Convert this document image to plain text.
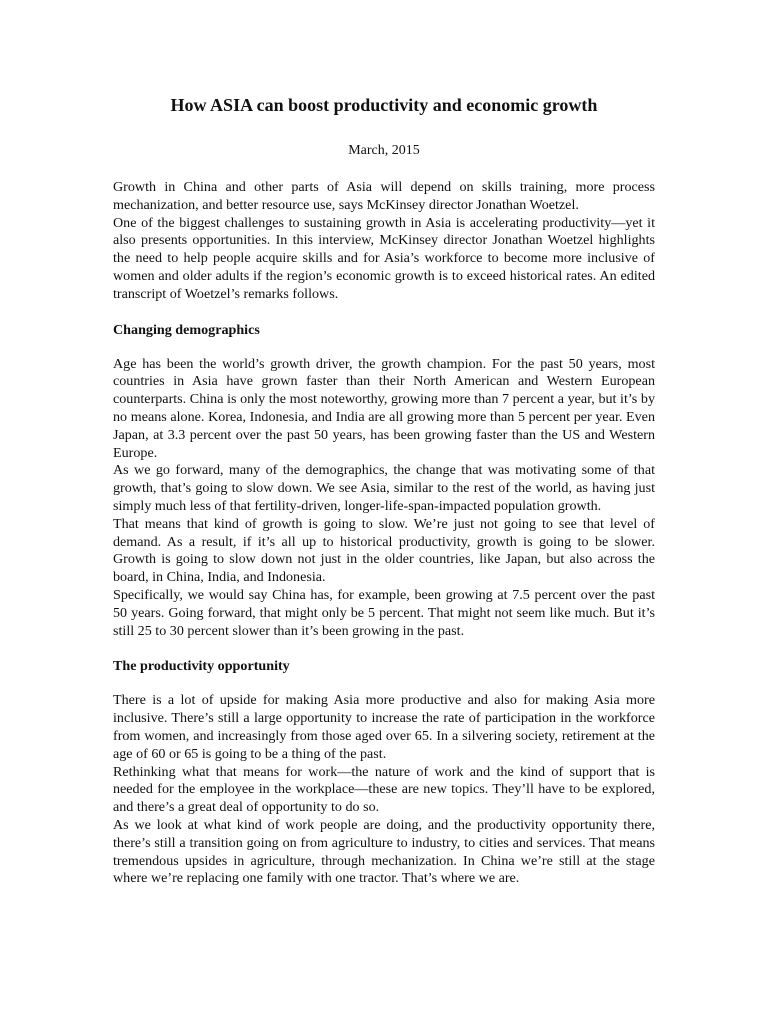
How ASIA can boost productivity and economic growth

March, 2015

Growth in China and other parts of Asia will depend on skills training, more process mechanization, and better resource use, says McKinsey director Jonathan Woetzel.

One of the biggest challenges to sustaining growth in Asia is accelerating productivity—yet it also presents opportunities. In this interview, McKinsey director Jonathan Woetzel highlights the need to help people acquire skills and for Asia’s workforce to become more inclusive of women and older adults if the region’s economic growth is to exceed historical rates. An edited transcript of Woetzel’s remarks follows.

Changing demographics

Age has been the world’s growth driver, the growth champion. For the past 50 years, most countries in Asia have grown faster than their North American and Western European counterparts. China is only the most noteworthy, growing more than 7 percent a year, but it’s by no means alone. Korea, Indonesia, and India are all growing more than 5 percent per year. Even Japan, at 3.3 percent over the past 50 years, has been growing faster than the US and Western Europe.

As we go forward, many of the demographics, the change that was motivating some of that growth, that’s going to slow down. We see Asia, similar to the rest of the world, as having just simply much less of that fertility-driven, longer-life-span-impacted population growth.

That means that kind of growth is going to slow. We’re just not going to see that level of demand. As a result, if it’s all up to historical productivity, growth is going to be slower. Growth is going to slow down not just in the older countries, like Japan, but also across the board, in China, India, and Indonesia.

Specifically, we would say China has, for example, been growing at 7.5 percent over the past 50 years. Going forward, that might only be 5 percent. That might not seem like much. But it’s still 25 to 30 percent slower than it’s been growing in the past.

The productivity opportunity

There is a lot of upside for making Asia more productive and also for making Asia more inclusive. There’s still a large opportunity to increase the rate of participation in the workforce from women, and increasingly from those aged over 65. In a silvering society, retirement at the age of 60 or 65 is going to be a thing of the past.

Rethinking what that means for work—the nature of work and the kind of support that is needed for the employee in the workplace—these are new topics. They’ll have to be explored, and there’s a great deal of opportunity to do so.

As we look at what kind of work people are doing, and the productivity opportunity there, there’s still a transition going on from agriculture to industry, to cities and services. That means tremendous upsides in agriculture, through mechanization. In China we’re still at the stage where we’re replacing one family with one tractor. That’s where we are.
